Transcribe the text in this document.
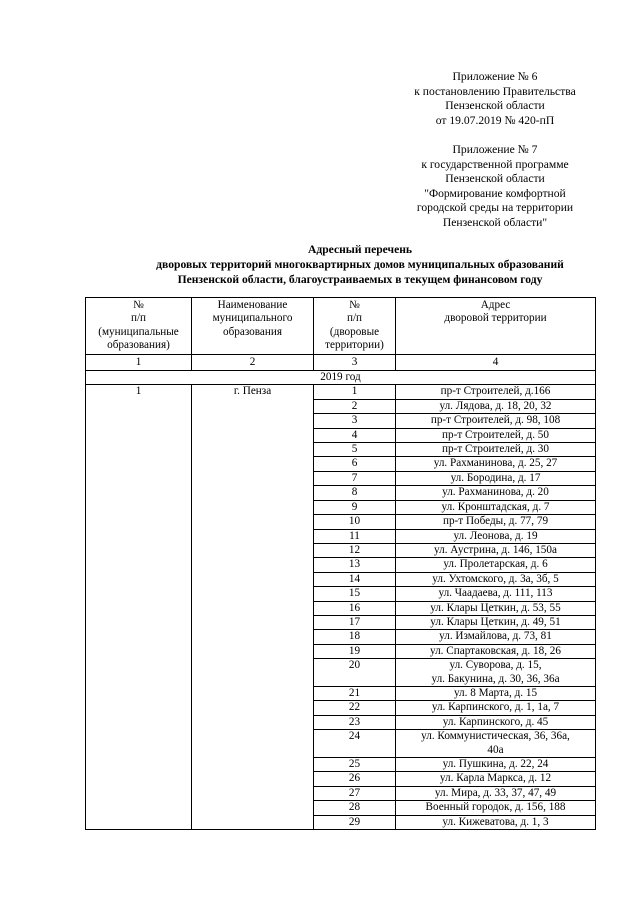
Приложение № 6
к постановлению Правительства
Пензенской области
от 19.07.2019 № 420-пП
Приложение № 7
к государственной программе
Пензенской области
"Формирование комфортной
городской среды на территории
Пензенской области"
Адресный перечень
дворовых территорий многоквартирных домов муниципальных образований
Пензенской области, благоустраиваемых в текущем финансовом году
№
п/п
(муниципальные
образования)	Наименование
муниципального
образования	№
п/п
(дворовые
территории)	Адрес
дворовой территории

1	2	3	4
2019 год			
1	г. Пенза	1	пр-т Строителей, д.166

		2	ул. Лядова, д. 18, 20, 32

		3	пр-т Строителей, д. 98, 108

		4	пр-т Строителей, д. 50

		5	пр-т Строителей, д. 30

		6	ул. Рахманинова, д. 25, 27

		7	ул. Бородина, д. 17

		8	ул. Рахманинова, д. 20

		9	ул. Кронштадская, д. 7

		10	пр-т Победы, д. 77, 79

		11	ул. Леонова, д. 19

		12	ул. Аустрина, д. 146, 150а

		13	ул. Пролетарская, д. 6

		14	ул. Ухтомского, д. 3а, 3б, 5

		15	ул. Чаадаева, д. 111, 113

		16	ул. Клары Цеткин, д. 53, 55

		17	ул. Клары Цеткин, д. 49, 51

		18	ул. Измайлова, д. 73, 81

		19	ул. Спартаковская, д. 18, 26

		20	ул. Суворова, д. 15,
ул. Бакунина, д. 30, 36, 36а

		21	ул. 8 Марта, д. 15

		22	ул. Карпинского, д. 1, 1а, 7

		23	ул. Карпинского, д. 45

		24	ул. Коммунистическая, 36, 36а,
40а

		25	ул. Пушкина, д. 22, 24

		26	ул. Карла Маркса, д. 12

		27	ул. Мира, д. 33, 37, 47, 49

		28	Военный городок, д. 156, 188

		29	ул. Кижеватова, д. 1, 3
